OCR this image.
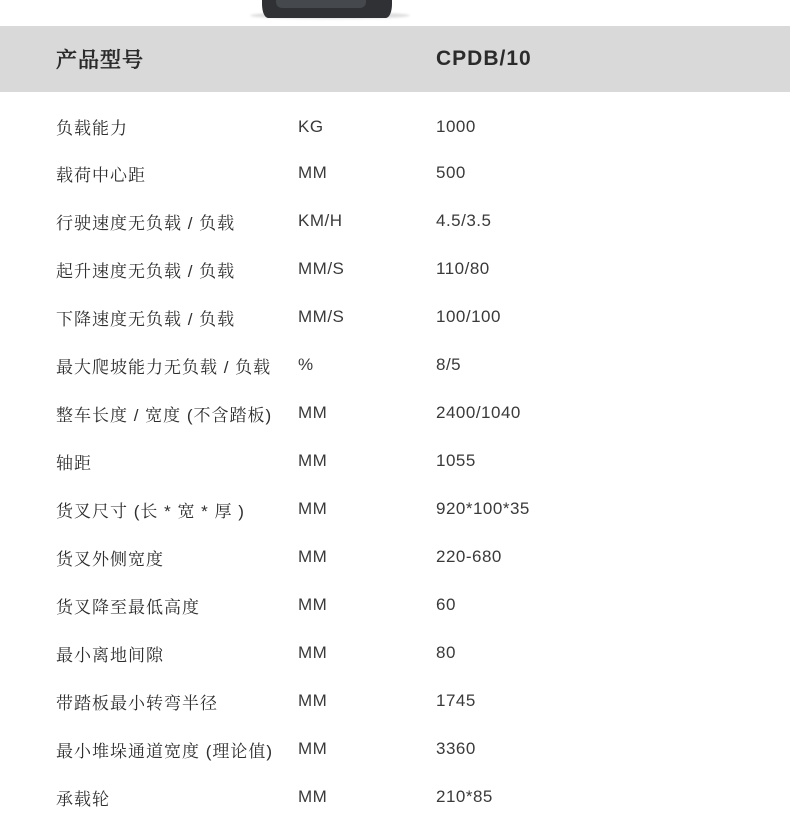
产品型号		CPDB/10
负载能力	KG	1000
载荷中心距	MM	500
行驶速度无负载 / 负载	KM/H	4.5/3.5
起升速度无负载 / 负载	MM/S	110/80
下降速度无负载 / 负载	MM/S	100/100
最大爬坡能力无负载 / 负载	%	8/5
整车长度 / 宽度 (不含踏板)	MM	2400/1040
轴距	MM	1055
货叉尺寸 (长 * 宽 * 厚 )	MM	920*100*35
货叉外侧宽度	MM	220-680
货叉降至最低高度	MM	60
最小离地间隙	MM	80
带踏板最小转弯半径	MM	1745
最小堆垛通道宽度 (理论值)	MM	3360
承载轮	MM	210*85
